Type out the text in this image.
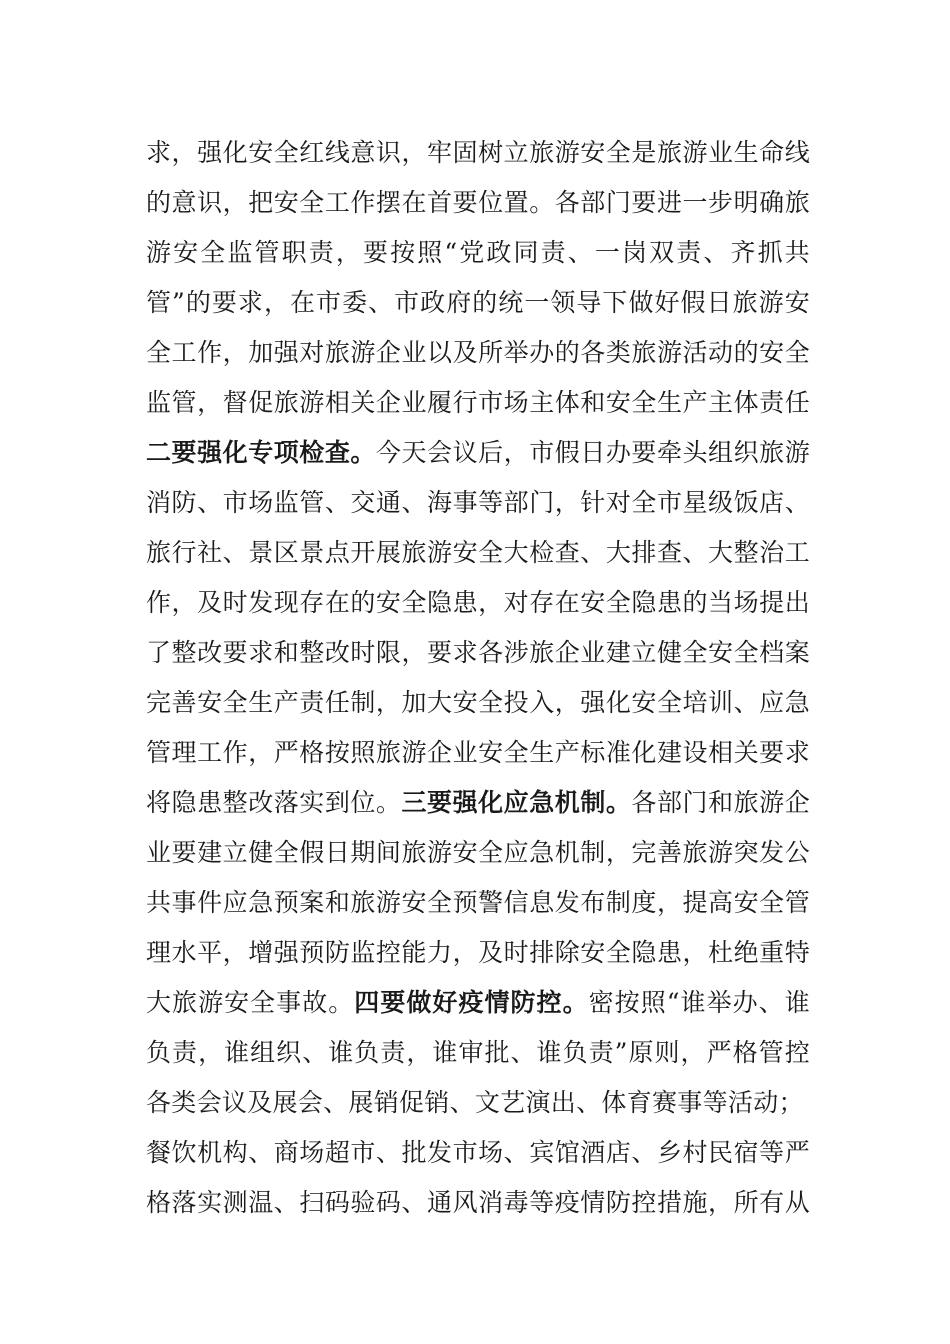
求，强化安全红线意识，牢固树立旅游安全是旅游业生命线
的意识，把安全工作摆在首要位置。各部门要进一步明确旅
游安全监管职责，要按照“党政同责、一岗双责、齐抓共
管”的要求，在市委、市政府的统一领导下做好假日旅游安
全工作，加强对旅游企业以及所举办的各类旅游活动的安全
监管，督促旅游相关企业履行市场主体和安全生产主体责任
二要强化专项检查。今天会议后，市假日办要牵头组织旅游
消防、市场监管、交通、海事等部门，针对全市星级饭店、
旅行社、景区景点开展旅游安全大检查、大排查、大整治工
作，及时发现存在的安全隐患，对存在安全隐患的当场提出
了整改要求和整改时限，要求各涉旅企业建立健全安全档案
完善安全生产责任制，加大安全投入，强化安全培训、应急
管理工作，严格按照旅游企业安全生产标准化建设相关要求
将隐患整改落实到位。三要强化应急机制。各部门和旅游企
业要建立健全假日期间旅游安全应急机制，完善旅游突发公
共事件应急预案和旅游安全预警信息发布制度，提高安全管
理水平，增强预防监控能力，及时排除安全隐患，杜绝重特
大旅游安全事故。四要做好疫情防控。密按照“谁举办、谁
负责，谁组织、谁负责，谁审批、谁负责”原则，严格管控
各类会议及展会、展销促销、文艺演出、体育赛事等活动；
餐饮机构、商场超市、批发市场、宾馆酒店、乡村民宿等严
格落实测温、扫码验码、通风消毒等疫情防控措施，所有从
